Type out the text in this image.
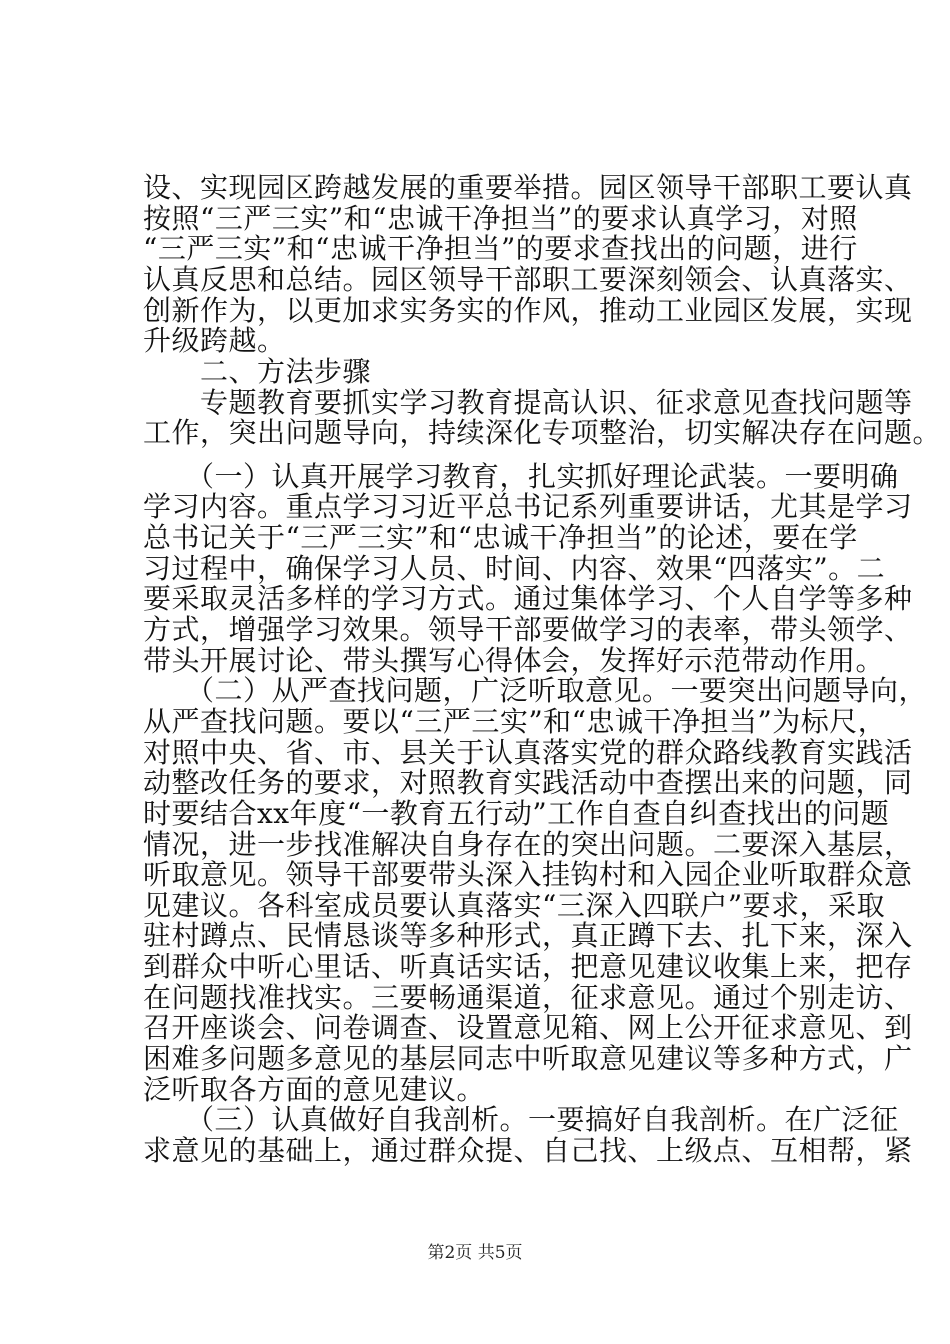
设、实现园区跨越发展的重要举措。园区领导干部职工要认真
按照“三严三实”和“忠诚干净担当”的要求认真学习，对照
“三严三实”和“忠诚干净担当”的要求查找出的问题，进行
认真反思和总结。园区领导干部职工要深刻领会、认真落实、
创新作为，以更加求实务实的作风，推动工业园区发展，实现
升级跨越。
　　二、方法步骤
　　专题教育要抓实学习教育提高认识、征求意见查找问题等
工作，突出问题导向，持续深化专项整治，切实解决存在问题。
　　（一）认真开展学习教育，扎实抓好理论武装。一要明确
学习内容。重点学习习近平总书记系列重要讲话，尤其是学习
总书记关于“三严三实”和“忠诚干净担当”的论述，要在学
习过程中，确保学习人员、时间、内容、效果“四落实”。二
要采取灵活多样的学习方式。通过集体学习、个人自学等多种
方式，增强学习效果。领导干部要做学习的表率，带头领学、
带头开展讨论、带头撰写心得体会，发挥好示范带动作用。
　　（二）从严查找问题，广泛听取意见。一要突出问题导向，
从严查找问题。要以“三严三实”和“忠诚干净担当”为标尺，
对照中央、省、市、县关于认真落实党的群众路线教育实践活
动整改任务的要求，对照教育实践活动中查摆出来的问题，同
时要结合xx年度“一教育五行动”工作自查自纠查找出的问题
情况，进一步找准解决自身存在的突出问题。二要深入基层，
听取意见。领导干部要带头深入挂钩村和入园企业听取群众意
见建议。各科室成员要认真落实“三深入四联户”要求，采取
驻村蹲点、民情恳谈等多种形式，真正蹲下去、扎下来，深入
到群众中听心里话、听真话实话，把意见建议收集上来，把存
在问题找准找实。三要畅通渠道，征求意见。通过个别走访、
召开座谈会、问卷调查、设置意见箱、网上公开征求意见、到
困难多问题多意见的基层同志中听取意见建议等多种方式，广
泛听取各方面的意见建议。
　　（三）认真做好自我剖析。一要搞好自我剖析。在广泛征
求意见的基础上，通过群众提、自己找、上级点、互相帮，紧
第2页 共5页
